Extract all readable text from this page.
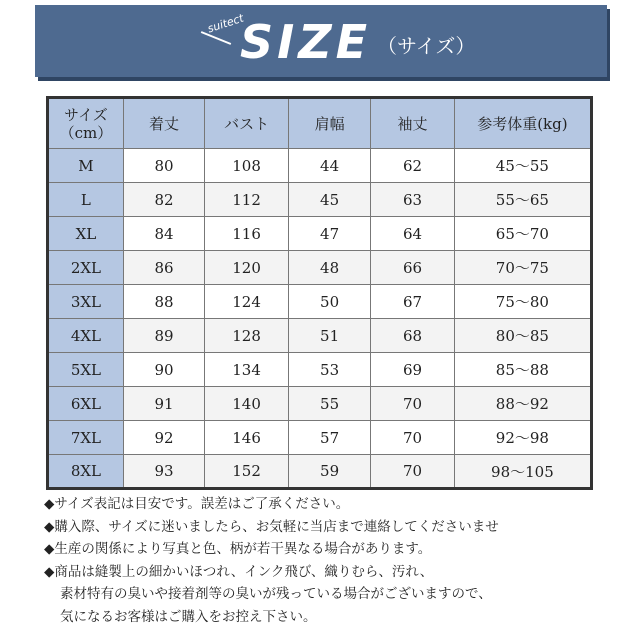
suitect
SIZE （サイズ）
サイズ
（cm）	着丈	バスト	肩幅	袖丈	参考体重(kg)
M	80	108	44	62	45～55
L	82	112	45	63	55～65
XL	84	116	47	64	65～70
2XL	86	120	48	66	70～75
3XL	88	124	50	67	75～80
4XL	89	128	51	68	80～85
5XL	90	134	53	69	85～88
6XL	91	140	55	70	88～92
7XL	92	146	57	70	92～98
8XL	93	152	59	70	98～105
◆サイズ表記は目安です。誤差はご了承ください。
◆購入際、サイズに迷いましたら、お気軽に当店まで連絡してくださいませ
◆生産の関係により写真と色、柄が若干異なる場合があります。
◆商品は縫製上の細かいほつれ、インク飛び、織りむら、汚れ、
素材特有の臭いや接着剤等の臭いが残っている場合がございますので、
気になるお客様はご購入をお控え下さい。
